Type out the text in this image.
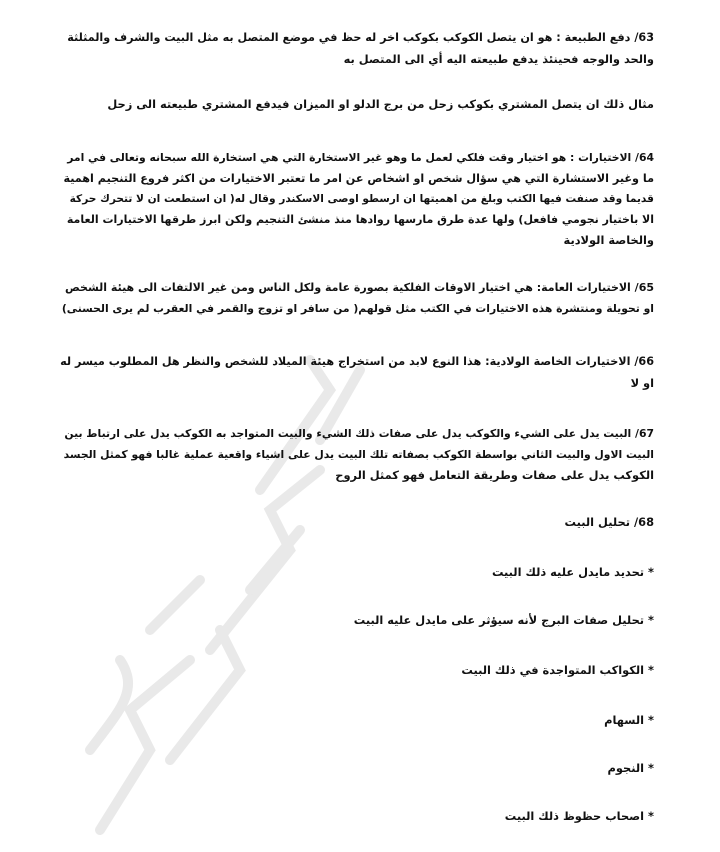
63/ دفع الطبيعة : هو ان يتصل الكوكب بكوكب اخر له حظ في موضع المتصل به مثل البيت والشرف والمثلثة
والحد والوجه فحينئذ يدفع طبيعته اليه أي الى المتصل به
مثال ذلك ان يتصل المشتري بكوكب زحل من برج الدلو او الميزان فيدفع المشتري طبيعته الى زحل
64/ الاختيارات : هو اختيار وقت فلكي لعمل ما وهو غير الاستخارة التي هي استخارة الله سبحانه وتعالى في امر
ما وغير الاستشارة التي هي سؤال شخص او اشخاص عن امر ما تعتبر الاختيارات من اكثر فروع التنجيم اهمية
قديما وقد صنفت فيها الكتب وبلغ من اهميتها ان ارسطو اوصى الاسكندر وقال له( ان استطعت ان لا تتحرك حركة
الا باختيار نجومي فافعل) ولها عدة طرق مارسها روادها منذ منشئ التنجيم ولكن ابرز طرقها الاختيارات العامة
والخاصة الولادية
65/ الاختيارات العامة: هي اختيار الاوقات الفلكية بصورة عامة ولكل الناس ومن غير الالتفات الى هيئة الشخص
او تحويلة ومنتشرة هذه الاختيارات في الكتب مثل قولهم( من سافر او تزوج والقمر في العقرب لم يرى الحسنى)
66/ الاختيارات الخاصة الولادية: هذا النوع لابد من استخراج هيئة الميلاد للشخص والنظر هل المطلوب ميسر له
او لا
67/ البيت يدل على الشيء والكوكب يدل على صفات ذلك الشيء والبيت المتواجد به الكوكب يدل على ارتباط بين
البيت الاول والبيت الثاني بواسطة الكوكب بصفاته تلك البيت يدل على اشياء واقعية عملية غالبا فهو كمثل الجسد
الكوكب يدل على صفات وطريقة التعامل فهو كمثل الروح
68/ تحليل البيت
* تحديد مايدل عليه ذلك البيت
* تحليل صفات البرج لأنه سيؤثر على مايدل عليه البيت
* الكواكب المتواجدة في ذلك البيت
* السهام
* النجوم
* اصحاب حظوظ ذلك البيت
